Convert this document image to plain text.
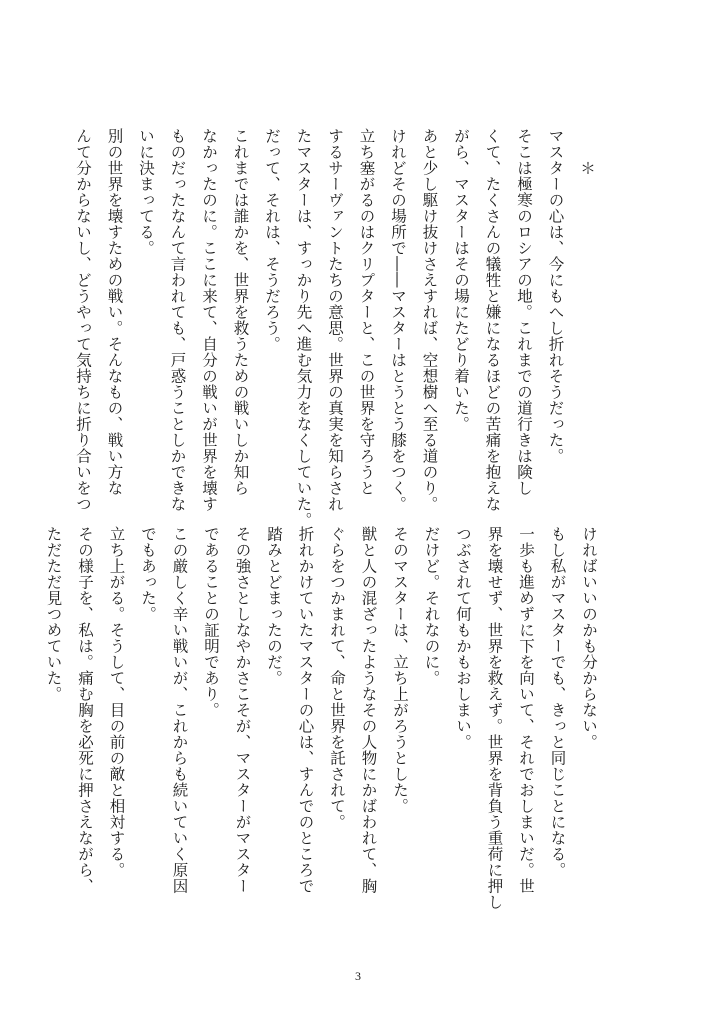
　　＊
マスターの心は、今にもへし折れそうだった。
そこは極寒のロシアの地。これまでの道行きは険し
くて、たくさんの犠牲と嫌になるほどの苦痛を抱えな
がら、マスターはその場にたどり着いた。
あと少し駆け抜けさえすれば、空想樹へ至る道のり。
けれどその場所で――マスターはとうとう膝をつく。
立ち塞がるのはクリプターと、この世界を守ろうと
するサーヴァントたちの意思。世界の真実を知らされ
たマスターは、すっかり先へ進む気力をなくしていた。
だって、それは、そうだろう。
これまでは誰かを、世界を救うための戦いしか知ら
なかったのに。ここに来て、自分の戦いが世界を壊す
ものだったなんて言われても、戸惑うことしかできな
いに決まってる。
別の世界を壊すための戦い。そんなもの、戦い方な
んて分からないし、どうやって気持ちに折り合いをつ
ければいいのかも分からない。
もし私がマスターでも、きっと同じことになる。
一歩も進めずに下を向いて、それでおしまいだ。世
界を壊せず、世界を救えず。世界を背負う重荷に押し
つぶされて何もかもおしまい。
だけど。それなのに。
そのマスターは、立ち上がろうとした。
獣と人の混ざったようなその人物にかばわれて、胸
ぐらをつかまれて、命と世界を託されて。
折れかけていたマスターの心は、すんでのところで
踏みとどまったのだ。
その強さとしなやかさこそが、マスターがマスター
であることの証明であり。
この厳しく辛い戦いが、これからも続いていく原因
でもあった。
立ち上がる。そうして、目の前の敵と相対する。
その様子を、私は。痛む胸を必死に押さえながら、
ただただ見つめていた。
3
